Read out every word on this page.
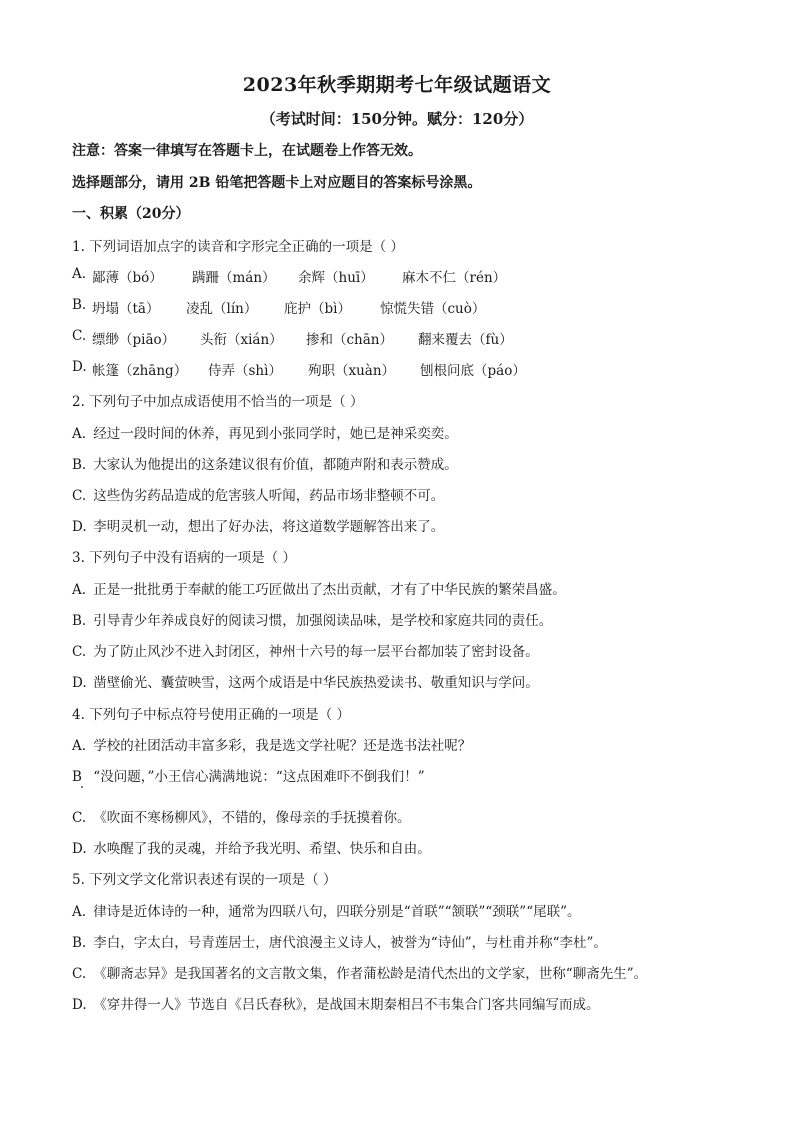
2023年秋季期期考七年级试题语文
（考试时间：150分钟。赋分：120分）
注意：答案一律填写在答题卡上，在试题卷上作答无效。
选择题部分，请用 2B 铅笔把答题卡上对应题目的答案标号涂黑。
一、积累（20分）
1. 下列词语加点字的读音和字形完全正确的一项是（ ）
A. 鄙薄（bó） 蹒跚（mán） 余辉（huī） 麻木不仁（rén）
B. 坍塌（tā） 凌乱（lín） 庇护（bì） 惊慌失错（cuò）
C. 缥缈（piāo） 头衔（xián） 掺和（chān） 翻来覆去（fù）
D. 帐篷（zhāng） 侍弄（shì） 殉职（xuàn） 刨根问底（páo）
2. 下列句子中加点成语使用不恰当的一项是（ ）
A. 经过一段时间的休养，再见到小张同学时，她已是神采奕奕。
B. 大家认为他提出的这条建议很有价值，都随声附和表示赞成。
C. 这些伪劣药品造成的危害骇人听闻，药品市场非整顿不可。
D. 李明灵机一动，想出了好办法，将这道数学题解答出来了。
3. 下列句子中没有语病的一项是（ ）
A. 正是一批批勇于奉献的能工巧匠做出了杰出贡献，才有了中华民族的繁荣昌盛。
B. 引导青少年养成良好的阅读习惯，加强阅读品味，是学校和家庭共同的责任。
C. 为了防止风沙不进入封闭区，神州十六号的每一层平台都加装了密封设备。
D. 凿壁偷光、囊萤映雪，这两个成语是中华民族热爱读书、敬重知识与学问。
4. 下列句子中标点符号使用正确的一项是（ ）
A. 学校的社团活动丰富多彩，我是选文学社呢？还是选书法社呢？
B “没问题，”小王信心满满地说：“这点困难吓不倒我们！”
C. 《吹面不寒杨柳风》，不错的，像母亲的手抚摸着你。
D. 水唤醒了我的灵魂，并给予我光明、希望、快乐和自由。
5. 下列文学文化常识表述有误的一项是（ ）
A. 律诗是近体诗的一种，通常为四联八句，四联分别是“首联”“颔联”“颈联”“尾联”。
B. 李白，字太白，号青莲居士，唐代浪漫主义诗人，被誉为“诗仙”，与杜甫并称“李杜”。
C. 《聊斋志异》是我国著名的文言散文集，作者蒲松龄是清代杰出的文学家，世称“聊斋先生”。
D. 《穿井得一人》节选自《吕氏春秋》，是战国末期秦相吕不韦集合门客共同编写而成。
